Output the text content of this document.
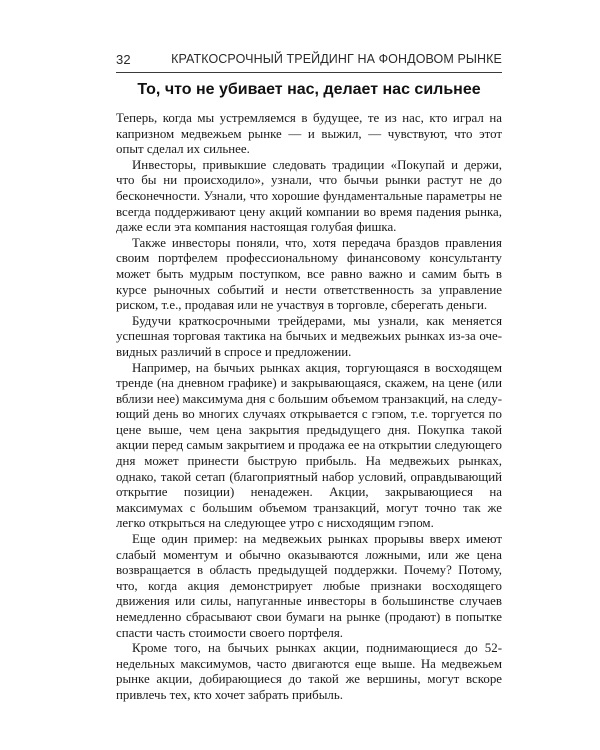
32	КРАТКОСРОЧНЫЙ ТРЕЙДИНГ НА ФОНДОВОМ РЫНКЕ
То, что не убивает нас, делает нас сильнее

Теперь, когда мы устремляемся в будущее, те из нас, кто играл на капризном медвежьем рынке — и выжил, — чувствуют, что этот опыт сделал их сильнее.

Инвесторы, привыкшие следовать традиции «Покупай и держи, что бы ни происходило», узнали, что бычьи рынки растут не до бесконечности. Узнали, что хорошие фундаментальные параметры не всегда поддерживают цену акций компании во время падения рынка, даже если эта компания настоящая голубая фишка.

Также инвесторы поняли, что, хотя передача браздов правления своим портфелем профессиональному финансовому консультанту может быть мудрым поступком, все равно важно и самим быть в курсе рыночных событий и нести ответственность за управление риском, т.е., продавая или не участвуя в торговле, сберегать деньги.

Будучи краткосрочными трейдерами, мы узнали, как меняется успешная торговая тактика на бычьих и медвежьих рынках из-за очевидных различий в спросе и предложении.

Например, на бычьих рынках акция, торгующаяся в восходящем тренде (на дневном графике) и закрывающаяся, скажем, на цене (или вблизи нее) максимума дня с большим объемом транзакций, на следующий день во многих случаях открывается с гэпом, т.е. торгуется по цене выше, чем цена закрытия предыдущего дня. Покупка такой акции перед самым закрытием и продажа ее на открытии следующего дня может принести быструю прибыль. На медвежьих рынках, однако, такой сетап (благоприятный набор условий, оправдывающий открытие позиции) ненадежен. Акции, закрывающиеся на максимумах с большим объемом транзакций, могут точно так же легко открыться на следующее утро с нисходящим гэпом.

Еще один пример: на медвежьих рынках прорывы вверх имеют слабый моментум и обычно оказываются ложными, или же цена возвращается в область предыдущей поддержки. Почему? Потому, что, когда акция демонстрирует любые признаки восходящего движения или силы, напуганные инвесторы в большинстве случаев немедленно сбрасывают свои бумаги на рынке (продают) в попытке спасти часть стоимости своего портфеля.

Кроме того, на бычьих рынках акции, поднимающиеся до 52-недельных максимумов, часто двигаются еще выше. На медвежьем рынке акции, добирающиеся до такой же вершины, могут вскоре привлечь тех, кто хочет забрать прибыль.
